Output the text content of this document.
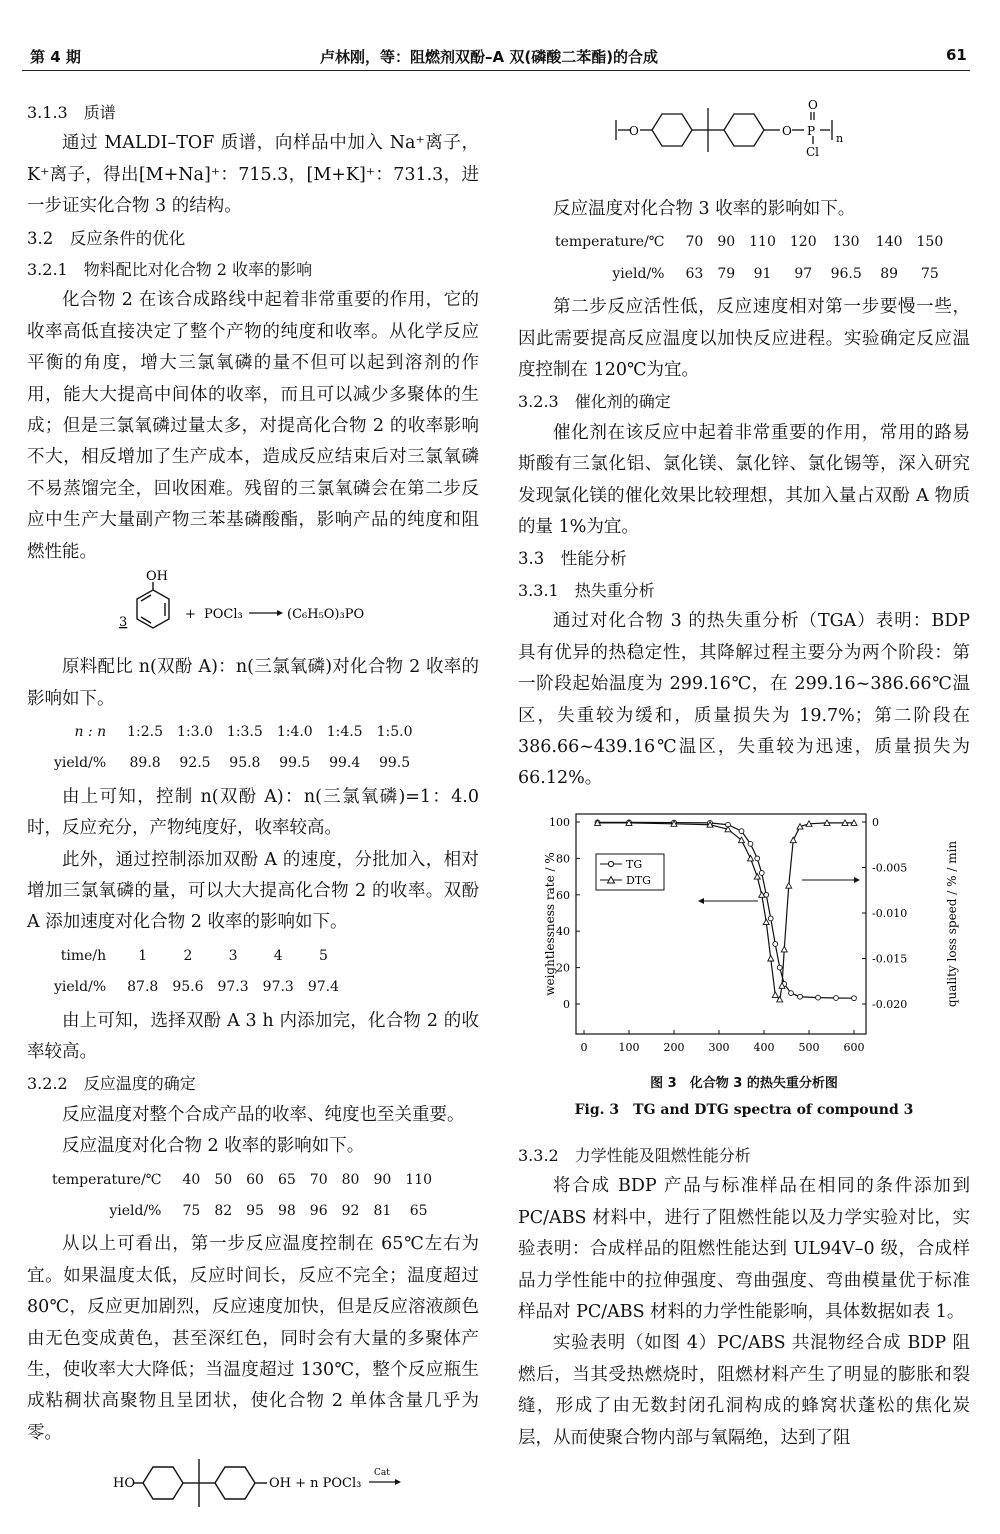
第 4 期	卢林刚，等：阻燃剂双酚–A 双(磷酸二苯酯)的合成	61

3.1.3　质谱

通过 MALDI–TOF 质谱，向样品中加入 Na⁺离子，K⁺离子，得出[M+Na]⁺：715.3，[M+K]⁺：731.3，进一步证实化合物 3 的结构。

3.2　反应条件的优化

3.2.1　物料配比对化合物 2 收率的影响

化合物 2 在该合成路线中起着非常重要的作用，它的收率高低直接决定了整个产物的纯度和收率。从化学反应平衡的角度，增大三氯氧磷的量不但可以起到溶剂的作用，能大大提高中间体的收率，而且可以减少多聚体的生成；但是三氯氧磷过量太多，对提高化合物 2 的收率影响不大，相反增加了生产成本，造成反应结束后对三氯氧磷不易蒸馏完全，回收困难。残留的三氯氧磷会在第二步反应中生产大量副产物三苯基磷酸酯，影响产品的纯度和阻燃性能。

3
OH
+ POCl₃	(C₆H₅O)₃PO

原料配比 n(双酚 A)：n(三氯氧磷)对化合物 2 收率的影响如下。

n : n	1:2.5	1:3.0	1:3.5	1:4.0	1:4.5	1:5.0
yield/%	89.8	92.5	95.8	99.5	99.4	99.5

由上可知，控制 n(双酚 A)：n(三氯氧磷)=1：4.0 时，反应充分，产物纯度好，收率较高。

此外，通过控制添加双酚 A 的速度，分批加入，相对增加三氯氧磷的量，可以大大提高化合物 2 的收率。双酚 A 添加速度对化合物 2 收率的影响如下。

time/h	1	2	3	4	5
yield/%	87.8	95.6	97.3	97.3	97.4

由上可知，选择双酚 A 3 h 内添加完，化合物 2 的收率较高。

3.2.2　反应温度的确定

反应温度对整个合成产品的收率、纯度也至关重要。

反应温度对化合物 2 收率的影响如下。

temperature/℃	40	50	60	65	70	80	90	110
yield/%	75	82	95	98	96	92	81	65

从以上可看出，第一步反应温度控制在 65℃左右为宜。如果温度太低，反应时间长，反应不完全；温度超过 80℃，反应更加剧烈，反应速度加快，但是反应溶液颜色由无色变成黄色，甚至深红色，同时会有大量的多聚体产生，使收率大大降低；当温度超过 130℃，整个反应瓶生成粘稠状高聚物且呈团状，使化合物 2 单体含量几乎为零。

HO	OH + n POCl₃
Cat
O	O
O
P
Cl
n

反应温度对化合物 3 收率的影响如下。

temperature/℃	70	90	110	120	130	140	150
yield/%	63	79	91	97	96.5	89	75

第二步反应活性低，反应速度相对第一步要慢一些，因此需要提高反应温度以加快反应进程。实验确定反应温度控制在 120℃为宜。

3.2.3　催化剂的确定

催化剂在该反应中起着非常重要的作用，常用的路易斯酸有三氯化铝、氯化镁、氯化锌、氯化锡等，深入研究发现氯化镁的催化效果比较理想，其加入量占双酚 A 物质的量 1%为宜。

3.3　性能分析

3.3.1　热失重分析

通过对化合物 3 的热失重分析（TGA）表明：BDP 具有优异的热稳定性，其降解过程主要分为两个阶段：第一阶段起始温度为 299.16℃，在 299.16~386.66℃温区，失重较为缓和，质量损失为 19.7%；第二阶段在 386.66~439.16℃温区，失重较为迅速，质量损失为 66.12%。

0	100 200 300 400 500 600
0
20
40
60
80
100	0
-0.005
-0.010
-0.015
-0.020
weightlessness rate / %	quality loss speed / % / min
TG
DTG
图 3　化合物 3 的热失重分析图
Fig. 3　TG and DTG spectra of compound 3

3.3.2　力学性能及阻燃性能分析

将合成 BDP 产品与标准样品在相同的条件添加到 PC/ABS 材料中，进行了阻燃性能以及力学实验对比，实验表明：合成样品的阻燃性能达到 UL94V–0 级，合成样品力学性能中的拉伸强度、弯曲强度、弯曲模量优于标准样品对 PC/ABS 材料的力学性能影响，具体数据如表 1。

实验表明（如图 4）PC/ABS 共混物经合成 BDP 阻燃后，当其受热燃烧时，阻燃材料产生了明显的膨胀和裂缝，形成了由无数封闭孔洞构成的蜂窝状蓬松的焦化炭层，从而使聚合物内部与氧隔绝，达到了阻
